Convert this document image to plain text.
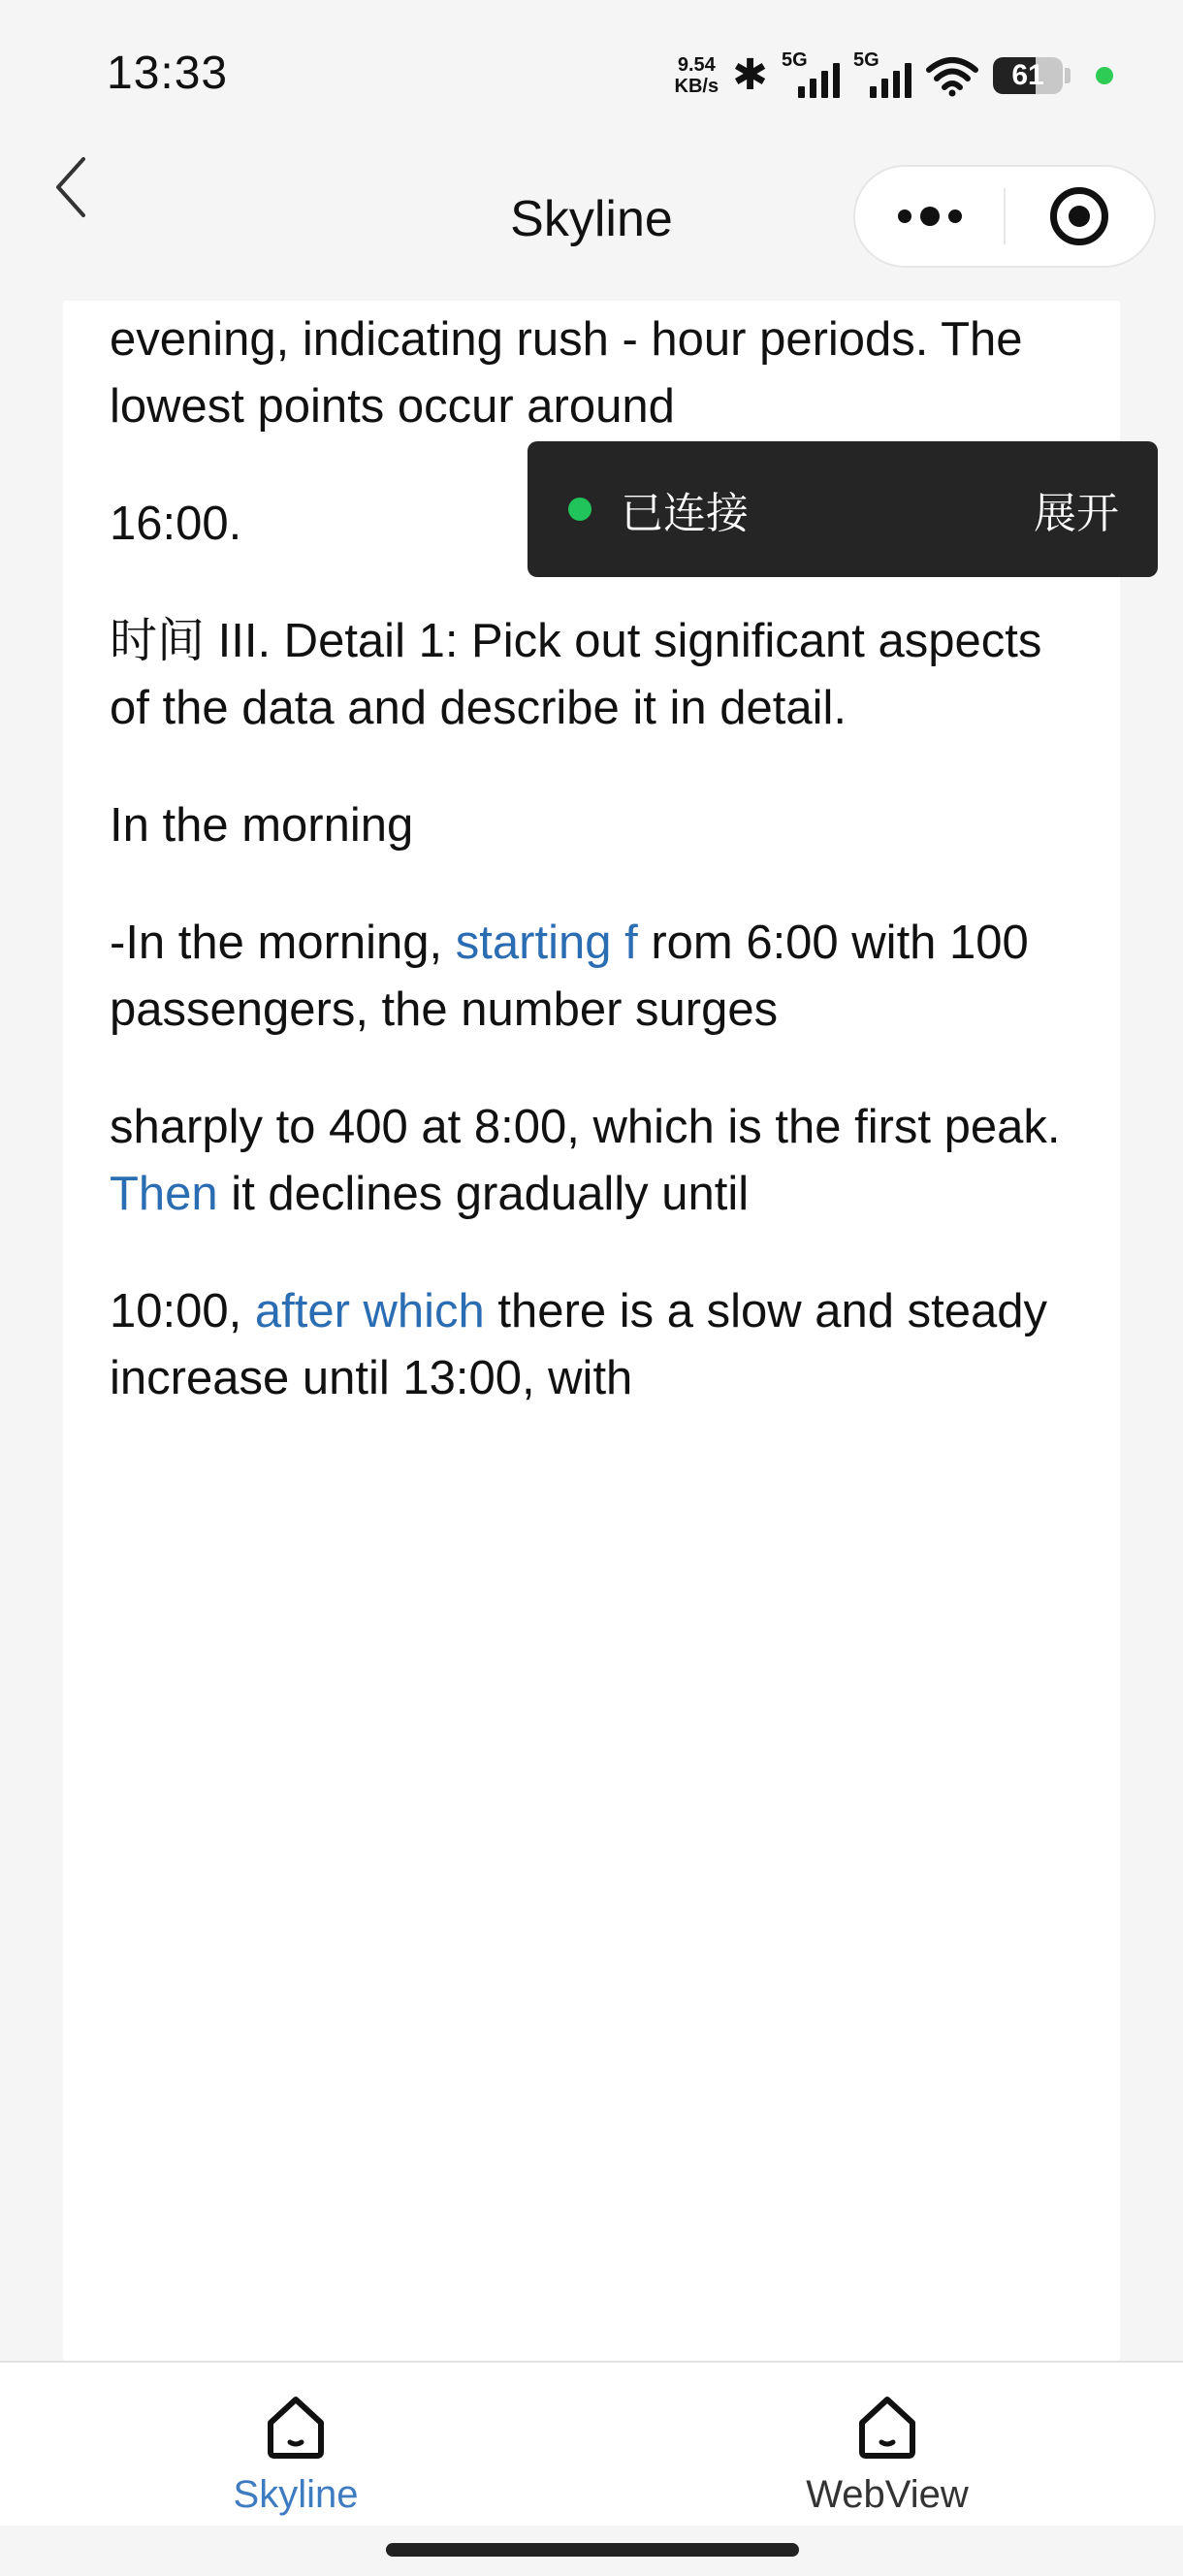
13:33	9.54
KB/s ✱ 5G 5G	61
Skyline

evening, indicating rush - hour periods. The lowest points occur around

16:00.

时间 III. Detail 1: Pick out significant aspects of the data and describe it in detail.

In the morning

-In the morning, starting f rom 6:00 with 100 passengers, the number surges

sharply to 400 at 8:00, which is the first peak. Then it declines gradually until

10:00, after which there is a slow and steady increase until 13:00, with

已连接	展开
Skyline	WebView
